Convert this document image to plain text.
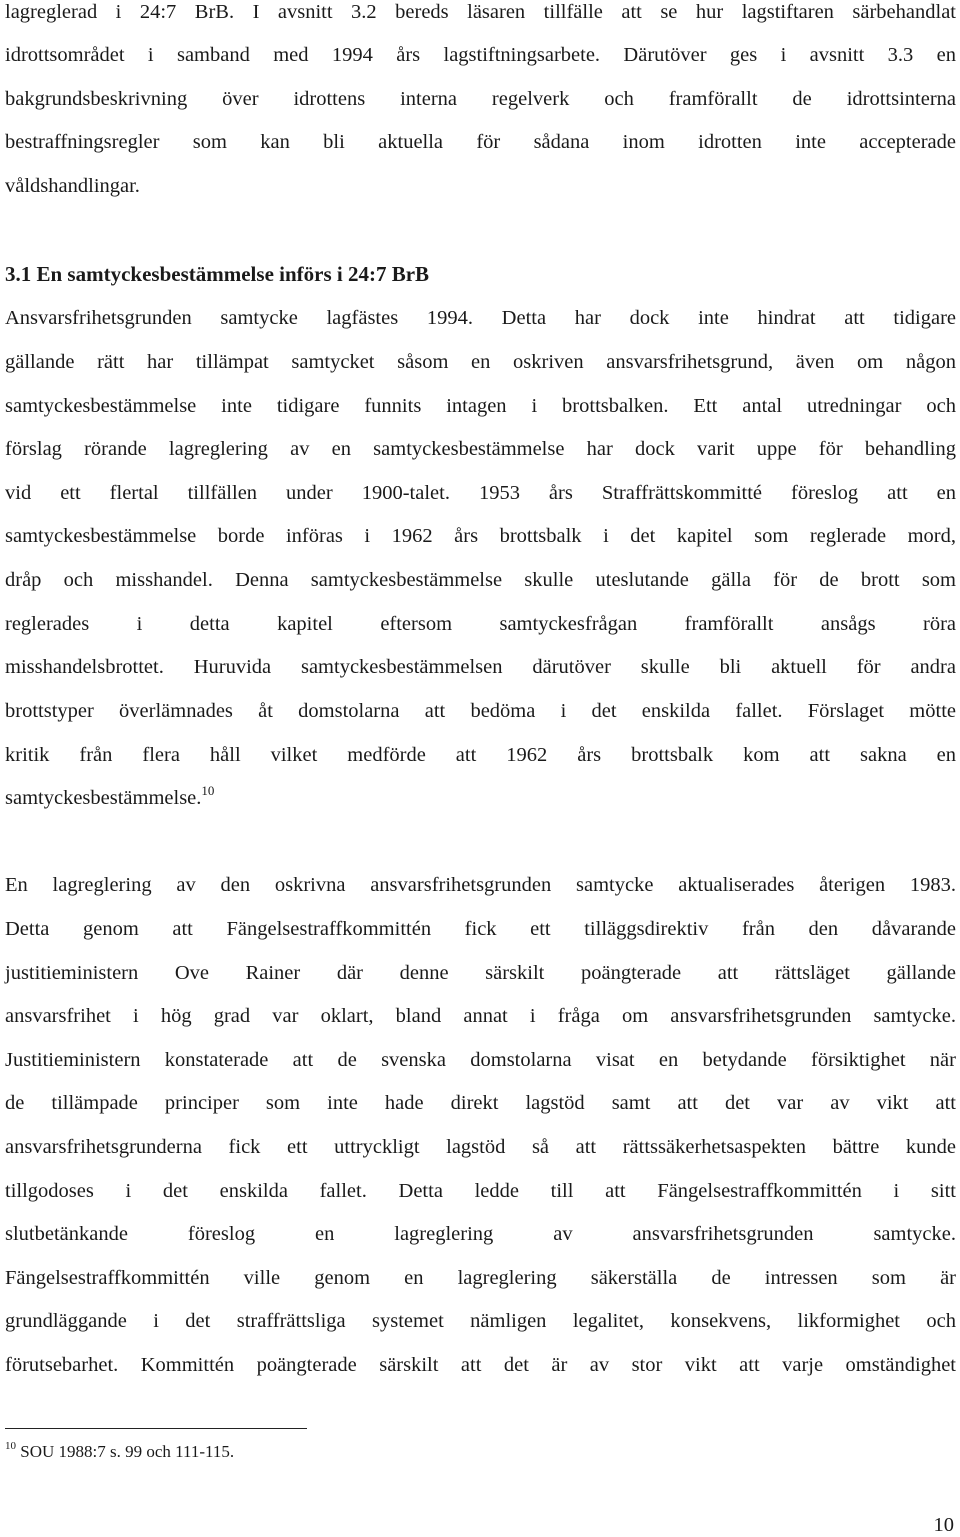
lagreglerad i 24:7 BrB. I avsnitt 3.2 bereds läsaren tillfälle att se hur lagstiftaren särbehandlat
idrottsområdet i samband med 1994 års lagstiftningsarbete. Därutöver ges i avsnitt 3.3 en
bakgrundsbeskrivning över idrottens interna regelverk och framförallt de idrottsinterna
bestraffningsregler som kan bli aktuella för sådana inom idrotten inte accepterade
våldshandlingar.
3.1 En samtyckesbestämmelse införs i 24:7 BrB
Ansvarsfrihetsgrunden samtycke lagfästes 1994. Detta har dock inte hindrat att tidigare
gällande rätt har tillämpat samtycket såsom en oskriven ansvarsfrihetsgrund, även om någon
samtyckesbestämmelse inte tidigare funnits intagen i brottsbalken. Ett antal utredningar och
förslag rörande lagreglering av en samtyckesbestämmelse har dock varit uppe för behandling
vid ett flertal tillfällen under 1900-talet. 1953 års Straffrättskommitté föreslog att en
samtyckesbestämmelse borde införas i 1962 års brottsbalk i det kapitel som reglerade mord,
dråp och misshandel. Denna samtyckesbestämmelse skulle uteslutande gälla för de brott som
reglerades i detta kapitel eftersom samtyckesfrågan framförallt ansågs röra
misshandelsbrottet. Huruvida samtyckesbestämmelsen därutöver skulle bli aktuell för andra
brottstyper överlämnades åt domstolarna att bedöma i det enskilda fallet. Förslaget mötte
kritik från flera håll vilket medförde att 1962 års brottsbalk kom att sakna en
samtyckesbestämmelse.$^{10}$
En lagreglering av den oskrivna ansvarsfrihetsgrunden samtycke aktualiserades återigen 1983.
Detta genom att Fängelsestraffkommittén fick ett tilläggsdirektiv från den dåvarande
justitieministern Ove Rainer där denne särskilt poängterade att rättsläget gällande
ansvarsfrihet i hög grad var oklart, bland annat i fråga om ansvarsfrihetsgrunden samtycke.
Justitieministern konstaterade att de svenska domstolarna visat en betydande försiktighet när
de tillämpade principer som inte hade direkt lagstöd samt att det var av vikt att
ansvarsfrihetsgrunderna fick ett uttryckligt lagstöd så att rättssäkerhetsaspekten bättre kunde
tillgodoses i det enskilda fallet. Detta ledde till att Fängelsestraffkommittén i sitt
slutbetänkande föreslog en lagreglering av ansvarsfrihetsgrunden samtycke.
Fängelsestraffkommittén ville genom en lagreglering säkerställa de intressen som är
grundläggande i det straffrättsliga systemet nämligen legalitet, konsekvens, likformighet och
förutsebarhet. Kommittén poängterade särskilt att det är av stor vikt att varje omständighet
$^{10}$ SOU 1988:7 s. 99 och 111-115.
10
